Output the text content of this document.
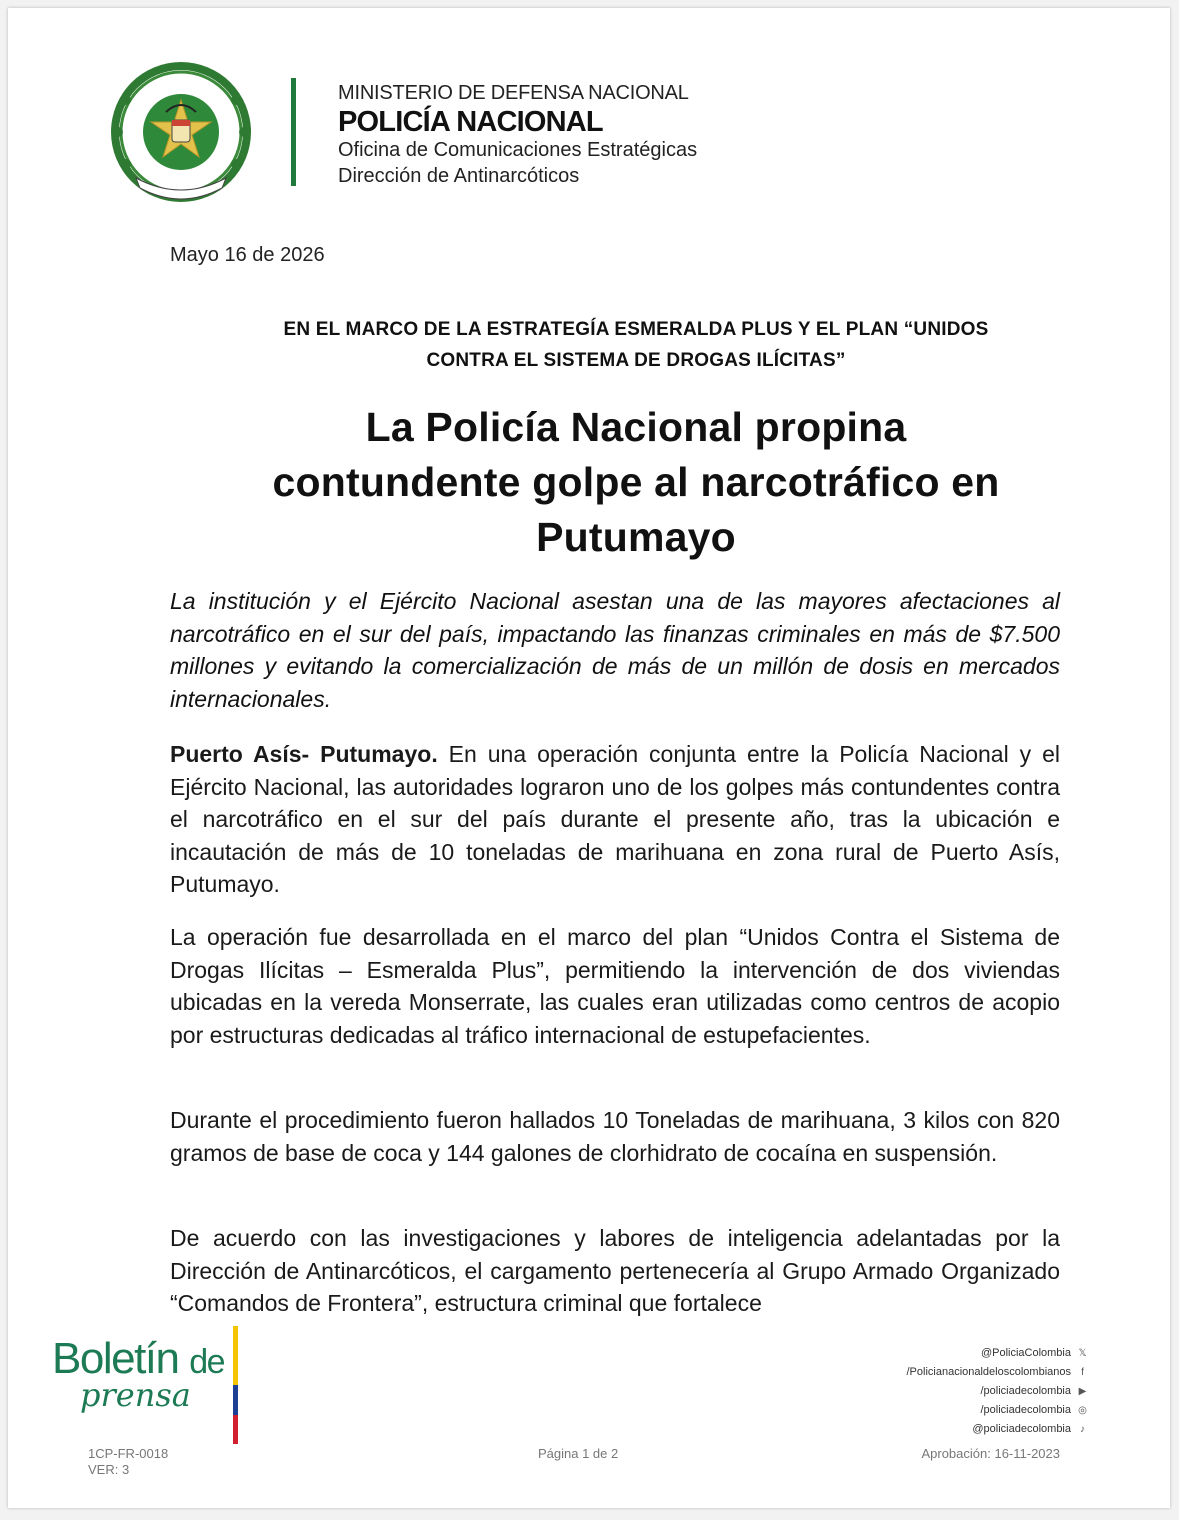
MINISTERIO DE DEFENSA NACIONAL
POLICÍA NACIONAL
Oficina de Comunicaciones Estratégicas
Dirección de Antinarcóticos
Mayo 16 de 2026
EN EL MARCO DE LA ESTRATEGÍA ESMERALDA PLUS Y EL PLAN “UNIDOS
CONTRA EL SISTEMA DE DROGAS ILÍCITAS”
La Policía Nacional propina
contundente golpe al narcotráfico en
Putumayo
La institución y el Ejército Nacional asestan una de las mayores afectaciones al narcotráfico en el sur del país, impactando las finanzas criminales en más de $7.500 millones y evitando la comercialización de más de un millón de dosis en mercados internacionales.
Puerto Asís- Putumayo. En una operación conjunta entre la Policía Nacional y el Ejército Nacional, las autoridades lograron uno de los golpes más contundentes contra el narcotráfico en el sur del país durante el presente año, tras la ubicación e incautación de más de 10 toneladas de marihuana en zona rural de Puerto Asís, Putumayo.
La operación fue desarrollada en el marco del plan “Unidos Contra el Sistema de Drogas Ilícitas – Esmeralda Plus”, permitiendo la intervención de dos viviendas ubicadas en la vereda Monserrate, las cuales eran utilizadas como centros de acopio por estructuras dedicadas al tráfico internacional de estupefacientes.
Durante el procedimiento fueron hallados 10 Toneladas de marihuana, 3 kilos con 820 gramos de base de coca y 144 galones de clorhidrato de cocaína en suspensión.
De acuerdo con las investigaciones y labores de inteligencia adelantadas por la Dirección de Antinarcóticos, el cargamento pertenecería al Grupo Armado Organizado “Comandos de Frontera”, estructura criminal que fortalece
Boletín de
prensa
@PoliciaColombia 𝕏
/Policianacionaldeloscolombianos f
/policiadecolombia ▶
/policiadecolombia ◎
@policiadecolombia ♪
1CP-FR-0018
VER: 3
Página 1 de 2	Aprobación: 16-11-2023
